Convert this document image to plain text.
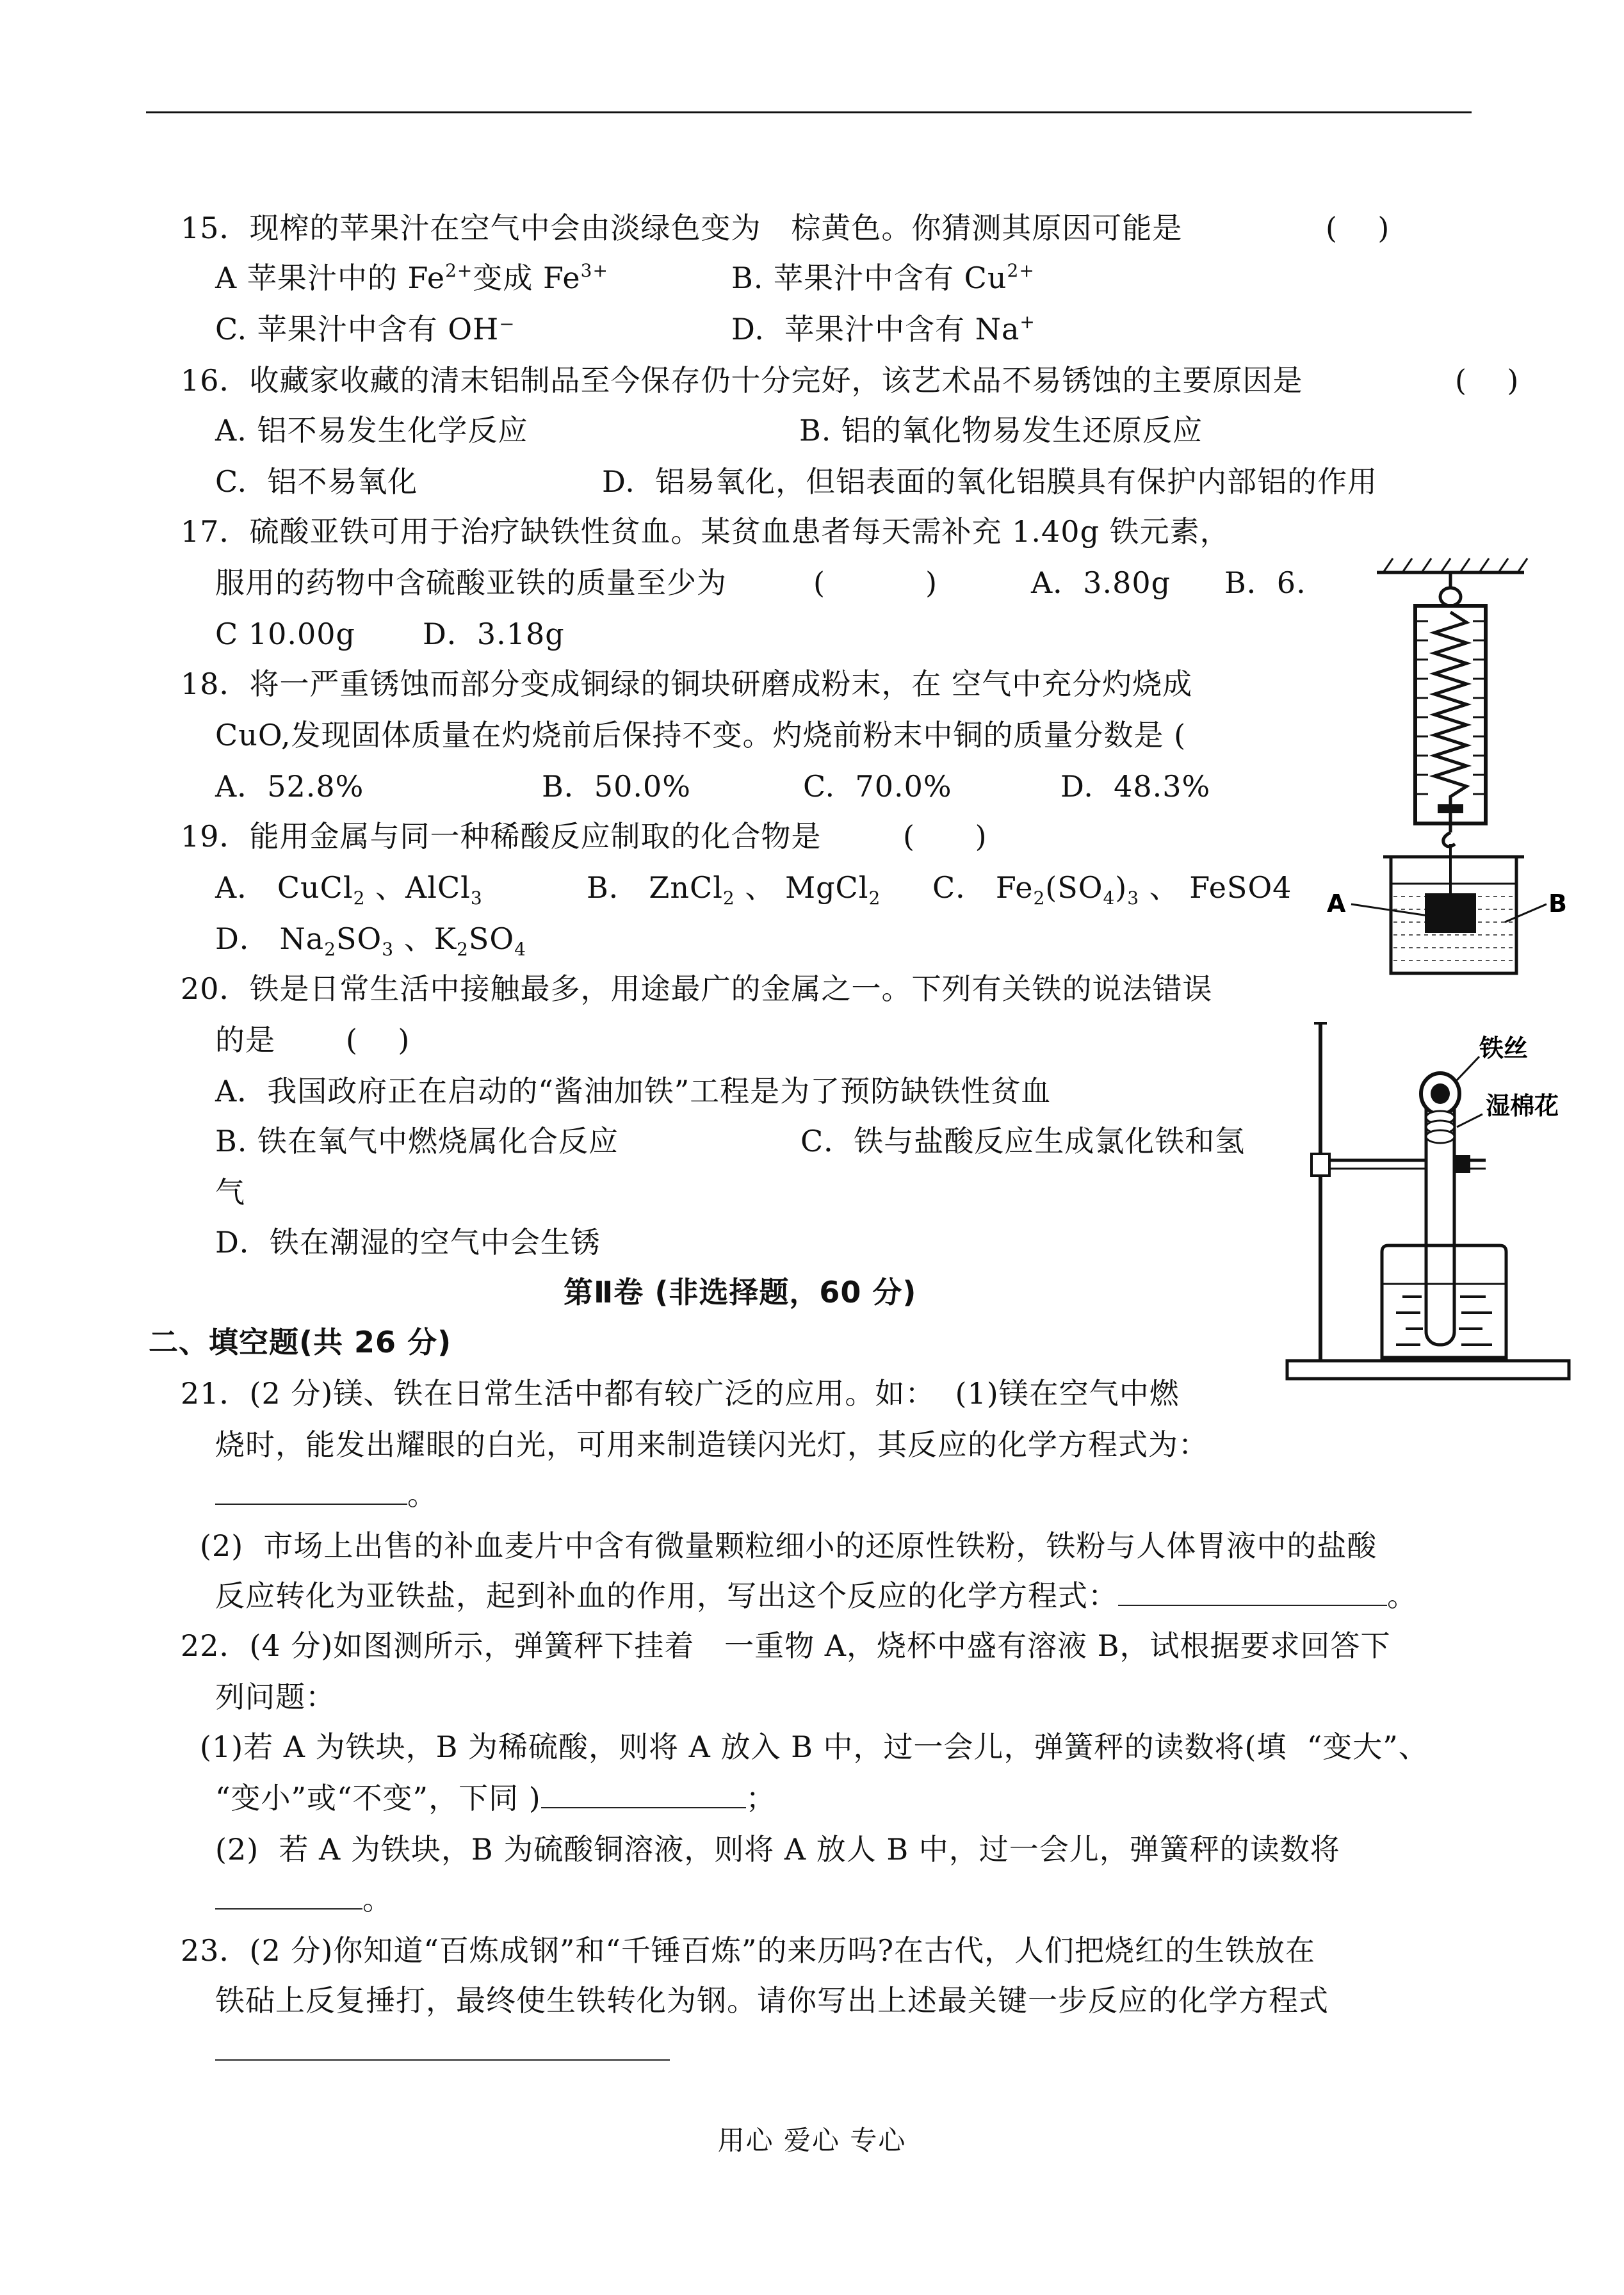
15．现榨的苹果汁在空气中会由淡绿色变为 棕黄色。你猜测其原因可能是	(    )
A 苹果汁中的 $Fe^{2+}$变成 $Fe^{3+}$	B. 苹果汁中含有 $Cu^{2+}$
C. 苹果汁中含有 OH⁻	D.  苹果汁中含有 Na+
16．收藏家收藏的清末铝制品至今保存仍十分完好，该艺术品不易锈蚀的主要原因是	(    )
A. 铝不易发生化学反应	B. 铝的氧化物易发生还原反应
C.  铝不易氧化	D.  铝易氧化，但铝表面的氧化铝膜具有保护内部铝的作用
17．硫酸亚铁可用于治疗缺铁性贫血。某贫血患者每天需补充 1.40g 铁元素，
服用的药物中含硫酸亚铁的质量至少为	(          )	A．3.80g B．6.
C 10.00g D．3.18g
18．将一严重锈蚀而部分变成铜绿的铜块研磨成粉末，在 空气中充分灼烧成
CuO,发现固体质量在灼烧前后保持不变。灼烧前粉末中铜的质量分数是 (
A．52.8%	B．50.0%	C.  70.0%	D.  48.3%
19．能用金属与同一种稀酸反应制取的化合物是	(      )
A． CuCl$_2$ 、AlCl$_3$	B． ZnCl$_2$ 、 MgCl$_2$ C． $Fe_2(SO_4)_3$ 、 FeSO4
D． $Na_2SO_3$ 、$K_2SO_4$
20．铁是日常生活中接触最多，用途最广的金属之一。下列有关铁的说法错误
的是 (    )
A．我国政府正在启动的“酱油加铁”工程是为了预防缺铁性贫血
B. 铁在氧气中燃烧属化合反应	C．铁与盐酸反应生成氯化铁和氢
气
D．铁在潮湿的空气中会生锈
第Ⅱ卷 (非选择题，60 分)
二、填空题(共 26 分)
21．(2 分)镁、铁在日常生活中都有较广泛的应用。如：  (1)镁在空气中燃
烧时，能发出耀眼的白光，可用来制造镁闪光灯，其反应的化学方程式为：
。
(2)  市场上出售的补血麦片中含有微量颗粒细小的还原性铁粉，铁粉与人体胃液中的盐酸
反应转化为亚铁盐，起到补血的作用，写出这个反应的化学方程式：	。
22．(4 分)如图测所示，弹簧秤下挂着   一重物 A，烧杯中盛有溶液 B，试根据要求回答下
列问题：
(1)若 A 为铁块，B 为稀硫酸，则将 A 放入 B 中，过一会儿，弹簧秤的读数将(填  “变大”、
“变小”或“不变”，下同 )	；
(2)  若 A 为铁块，B 为硫酸铜溶液，则将 A 放人 B 中，过一会儿，弹簧秤的读数将
。
23．(2 分)你知道“百炼成钢”和“千锤百炼”的来历吗?在古代，人们把烧红的生铁放在
铁砧上反复捶打，最终使生铁转化为钢。请你写出上述最关键一步反应的化学方程式
A	B
铁丝
湿棉花
用心 爱心 专心
